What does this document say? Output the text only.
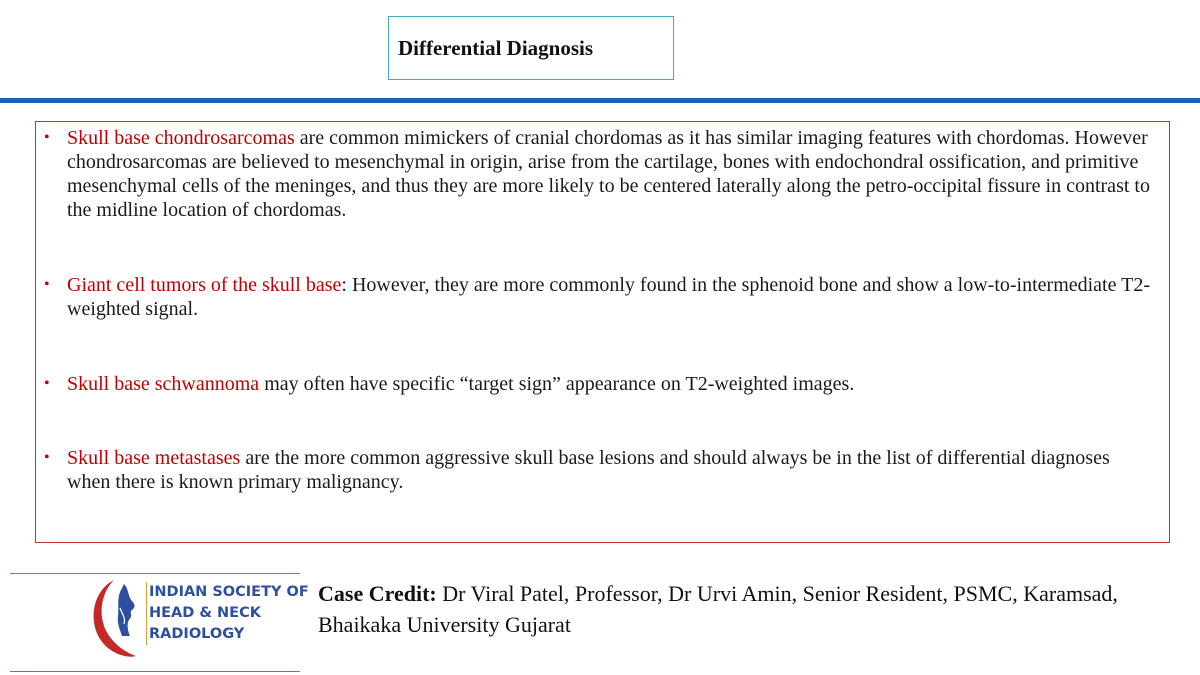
Differential Diagnosis
• Skull base chondrosarcomas are common mimickers of cranial chordomas as it has similar imaging features with chordomas. However chondrosarcomas are believed to mesenchymal in origin, arise from the cartilage, bones with endochondral ossification, and primitive mesenchymal cells of the meninges, and thus they are more likely to be centered laterally along the petro-occipital fissure in contrast to the midline location of chordomas.
• Giant cell tumors of the skull base: However, they are more commonly found in the sphenoid bone and show a low-to-intermediate T2-weighted signal.
• Skull base schwannoma may often have specific “target sign” appearance on T2-weighted images.
• Skull base metastases are the more common aggressive skull base lesions and should always be in the list of differential diagnoses when there is known primary malignancy.
INDIAN SOCIETY OF
HEAD & NECK
RADIOLOGY
Case Credit: Dr Viral Patel, Professor, Dr Urvi Amin, Senior Resident, PSMC, Karamsad, Bhaikaka University Gujarat
